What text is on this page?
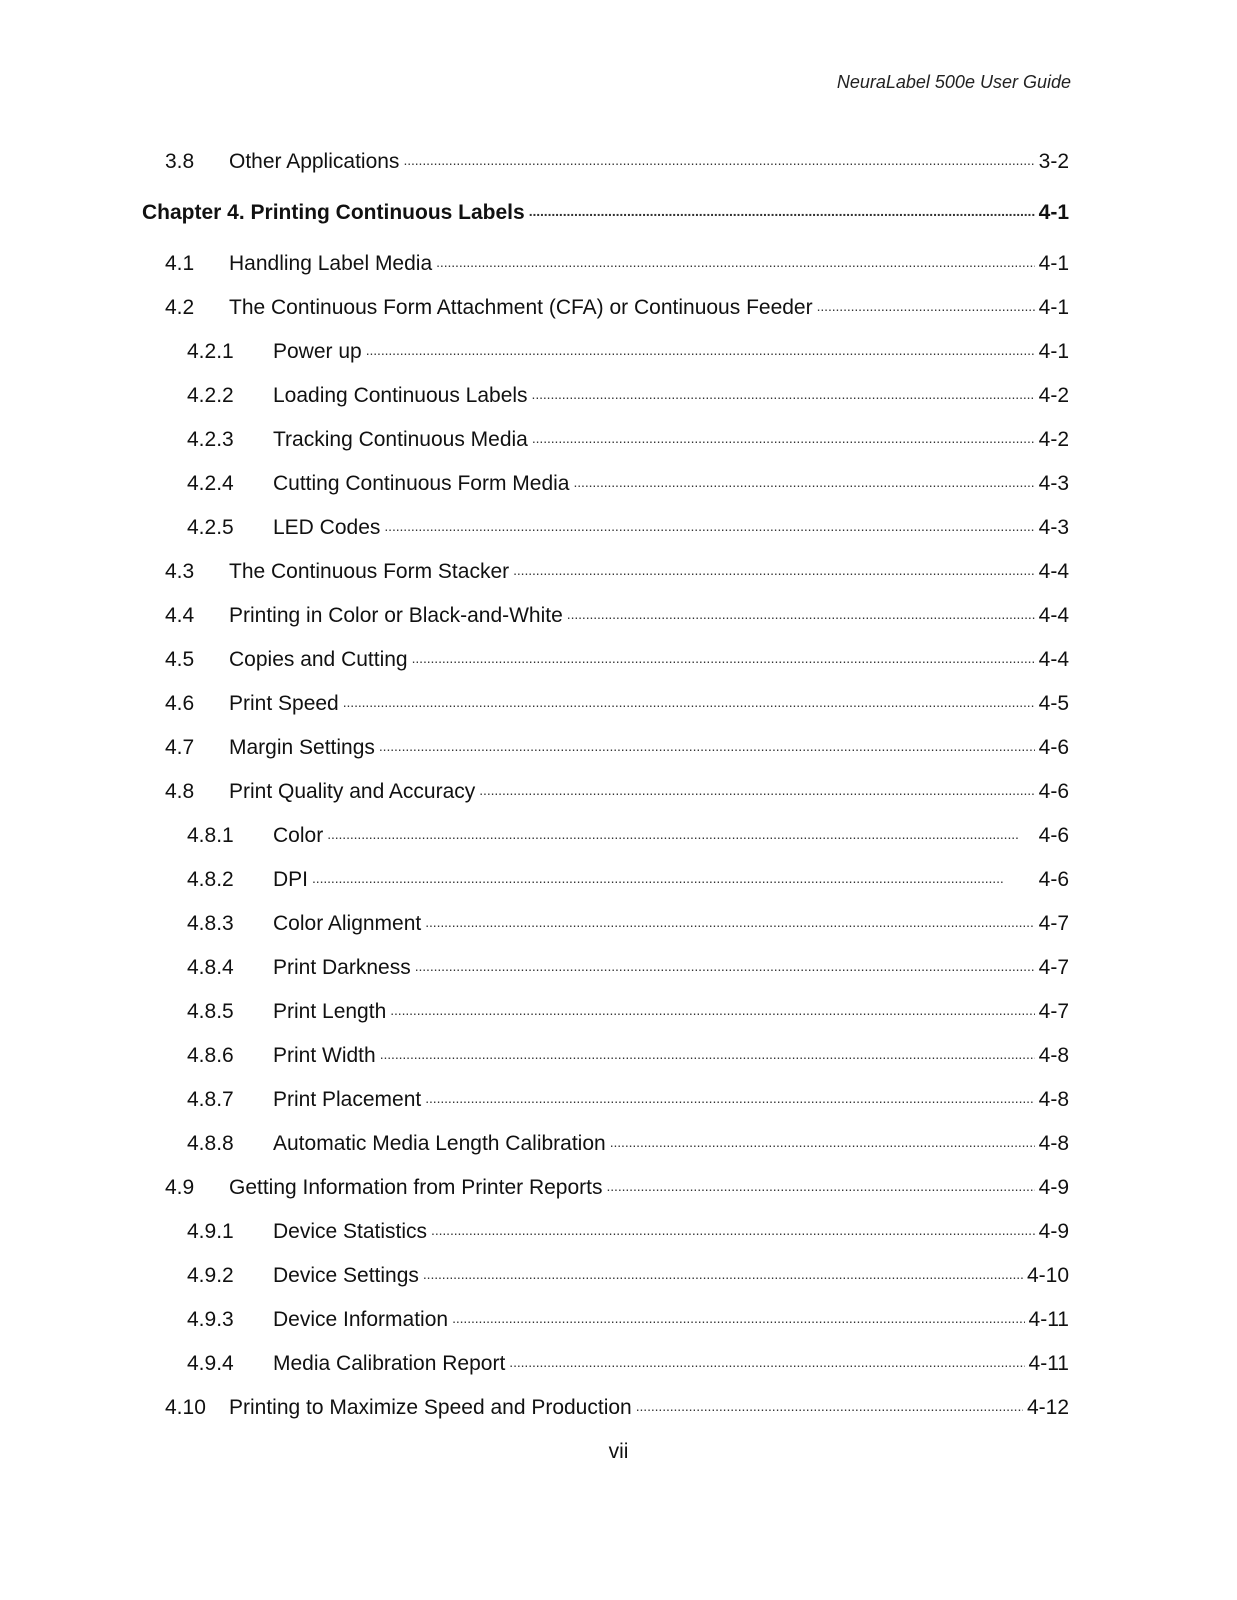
NeuraLabel 500e User Guide
3.8	Other Applications . . .	3-2
Chapter 4. Printing Continuous Labels . . .	4-1
4.1	Handling Label Media . . .	4-1
4.2	The Continuous Form Attachment (CFA) or Continuous Feeder . . .	4-1
4.2.1	Power up . . .	4-1
4.2.2	Loading Continuous Labels . . .	4-2
4.2.3	Tracking Continuous Media . . .	4-2
4.2.4	Cutting Continuous Form Media . . .	4-3
4.2.5	LED Codes . . .	4-3
4.3	The Continuous Form Stacker . . .	4-4
4.4	Printing in Color or Black-and-White . . .	4-4
4.5	Copies and Cutting . . .	4-4
4.6	Print Speed . . .	4-5
4.7	Margin Settings . . .	4-6
4.8	Print Quality and Accuracy . . .	4-6
4.8.1	Color . . .	4-6
4.8.2	DPI . . .	4-6
4.8.3	Color Alignment . . .	4-7
4.8.4	Print Darkness . . .	4-7
4.8.5	Print Length . . .	4-7
4.8.6	Print Width . . .	4-8
4.8.7	Print Placement . . .	4-8
4.8.8	Automatic Media Length Calibration . . .	4-8
4.9	Getting Information from Printer Reports . . .	4-9
4.9.1	Device Statistics . . .	4-9
4.9.2	Device Settings . . .	4-10
4.9.3	Device Information . . .	4-11
4.9.4	Media Calibration Report . . .	4-11
4.10	Printing to Maximize Speed and Production . . .	4-12
vii
